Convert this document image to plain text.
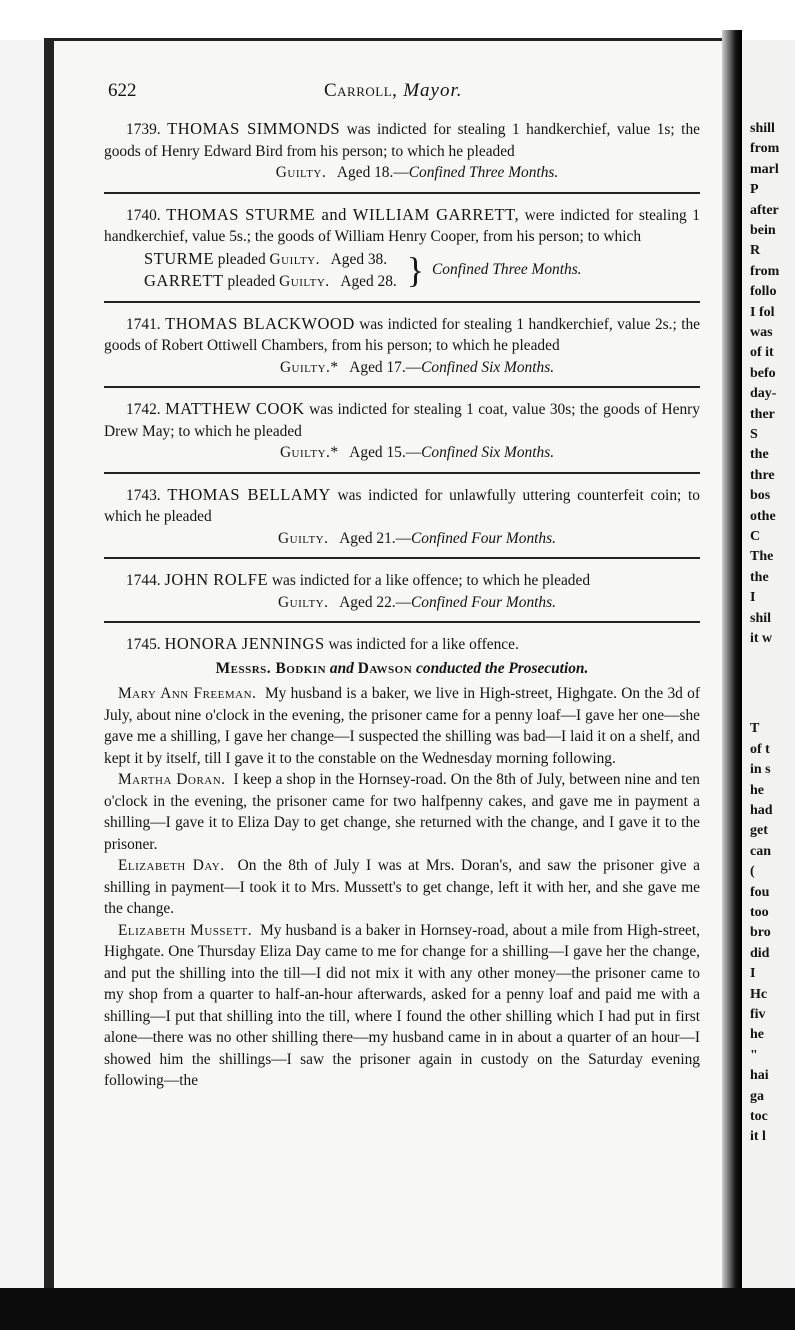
shill
from
marl
P
after
bein
R
from
follo
I fol
was
of it
befo
day-
ther
S
the
thre
bos
othe
C
The
the
I
shil
it w
T
of t
in s
he
had
get
can
(
fou
too
bro
did
I
Hc
fiv
he
"
hai
ga
toc
it l
622	Carroll, Mayor.

1739. THOMAS SIMMONDS was indicted for stealing 1 handkerchief, value 1s; the goods of Henry Edward Bird from his person; to which he pleaded

Guilty. Aged 18.—Confined Three Months.

1740. THOMAS STURME and WILLIAM GARRETT, were indicted for stealing 1 handkerchief, value 5s.; the goods of William Henry Cooper, from his person; to which

STURME pleaded Guilty. Aged 38.
GARRETT pleaded Guilty. Aged 28. } Confined Three Months.

1741. THOMAS BLACKWOOD was indicted for stealing 1 handkerchief, value 2s.; the goods of Robert Ottiwell Chambers, from his person; to which he pleaded

Guilty.* Aged 17.—Confined Six Months.

1742. MATTHEW COOK was indicted for stealing 1 coat, value 30s; the goods of Henry Drew May; to which he pleaded

Guilty.* Aged 15.—Confined Six Months.

1743. THOMAS BELLAMY was indicted for unlawfully uttering counterfeit coin; to which he pleaded

Guilty. Aged 21.—Confined Four Months.

1744. JOHN ROLFE was indicted for a like offence; to which he pleaded

Guilty. Aged 22.—Confined Four Months.

1745. HONORA JENNINGS was indicted for a like offence.

Messrs. Bodkin and Dawson conducted the Prosecution.

Mary Ann Freeman. My husband is a baker, we live in High-street, Highgate. On the 3d of July, about nine o'clock in the evening, the prisoner came for a penny loaf—I gave her one—she gave me a shilling, I gave her change—I suspected the shilling was bad—I laid it on a shelf, and kept it by itself, till I gave it to the constable on the Wednesday morning following.

Martha Doran. I keep a shop in the Hornsey-road. On the 8th of July, between nine and ten o'clock in the evening, the prisoner came for two halfpenny cakes, and gave me in payment a shilling—I gave it to Eliza Day to get change, she returned with the change, and I gave it to the prisoner.

Elizabeth Day. On the 8th of July I was at Mrs. Doran's, and saw the prisoner give a shilling in payment—I took it to Mrs. Mussett's to get change, left it with her, and she gave me the change.

Elizabeth Mussett. My husband is a baker in Hornsey-road, about a mile from High-street, Highgate. One Thursday Eliza Day came to me for change for a shilling—I gave her the change, and put the shilling into the till—I did not mix it with any other money—the prisoner came to my shop from a quarter to half-an-hour afterwards, asked for a penny loaf and paid me with a shilling—I put that shilling into the till, where I found the other shilling which I had put in first alone—there was no other shilling there—my husband came in in about a quarter of an hour—I showed him the shillings—I saw the prisoner again in custody on the Saturday evening following—the
